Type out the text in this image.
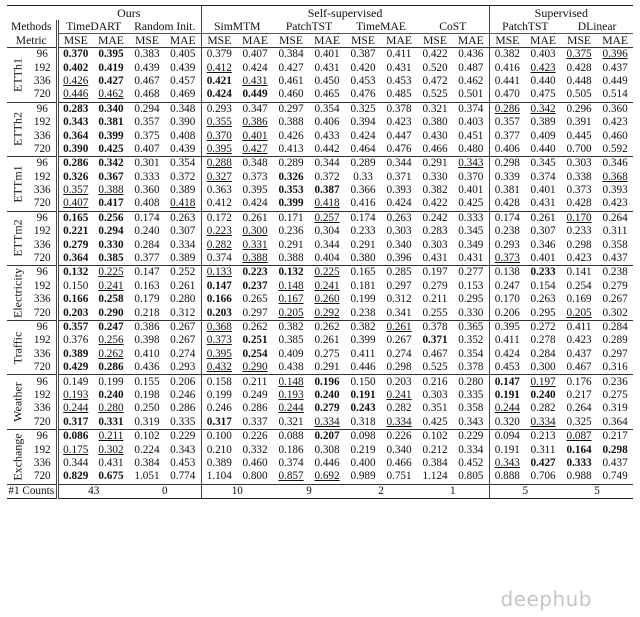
		Ours				Self-supervised								Supervised			
Methods		TimeDART		Random Init.		SimMTM		PatchTST		TimeMAE		CoST		PatchTST		DLinear	
Metric		MSE	MAE	MSE	MAE	MSE	MAE	MSE	MAE	MSE	MAE	MSE	MAE	MSE	MAE	MSE	MAE

ETTh1	96	0.370	0.395	0.383	0.405	0.379	0.407	0.384	0.401	0.387	0.411	0.422	0.436	0.382	0.403	0.375	0.396
	192	0.402	0.419	0.439	0.439	0.412	0.424	0.427	0.431	0.420	0.431	0.520	0.487	0.416	0.423	0.428	0.437
	336	0.426	0.427	0.467	0.457	0.421	0.431	0.461	0.450	0.453	0.453	0.472	0.462	0.441	0.440	0.448	0.449
	720	0.446	0.462	0.468	0.469	0.424	0.449	0.460	0.465	0.476	0.485	0.525	0.501	0.470	0.475	0.505	0.514

ETTh2	96	0.283	0.340	0.294	0.348	0.293	0.347	0.297	0.354	0.325	0.378	0.321	0.374	0.286	0.342	0.296	0.360
	192	0.343	0.381	0.357	0.390	0.355	0.386	0.388	0.406	0.394	0.423	0.380	0.403	0.357	0.389	0.391	0.423
	336	0.364	0.399	0.375	0.408	0.370	0.401	0.426	0.433	0.424	0.447	0.430	0.451	0.377	0.409	0.445	0.460
	720	0.390	0.425	0.407	0.439	0.395	0.427	0.413	0.442	0.464	0.476	0.466	0.480	0.406	0.440	0.700	0.592

ETTm1	96	0.286	0.342	0.301	0.354	0.288	0.348	0.289	0.344	0.289	0.344	0.291	0.343	0.298	0.345	0.303	0.346
	192	0.326	0.367	0.333	0.372	0.327	0.373	0.326	0.372	0.33	0.371	0.330	0.370	0.339	0.374	0.338	0.368
	336	0.357	0.388	0.360	0.389	0.363	0.395	0.353	0.387	0.366	0.393	0.382	0.401	0.381	0.401	0.373	0.393
	720	0.407	0.417	0.408	0.418	0.412	0.424	0.399	0.418	0.416	0.424	0.422	0.425	0.428	0.431	0.428	0.423

ETTm2	96	0.165	0.256	0.174	0.263	0.172	0.261	0.171	0.257	0.174	0.263	0.242	0.333	0.174	0.261	0.170	0.264
	192	0.221	0.294	0.240	0.307	0.223	0.300	0.236	0.304	0.233	0.303	0.283	0.345	0.238	0.307	0.233	0.311
	336	0.279	0.330	0.284	0.334	0.282	0.331	0.291	0.344	0.291	0.340	0.303	0.349	0.293	0.346	0.298	0.358
	720	0.364	0.385	0.377	0.389	0.374	0.388	0.388	0.404	0.380	0.396	0.431	0.431	0.373	0.401	0.423	0.437

Electricity	96	0.132	0.225	0.147	0.252	0.133	0.223	0.132	0.225	0.165	0.285	0.197	0.277	0.138	0.233	0.141	0.238
	192	0.150	0.241	0.163	0.261	0.147	0.237	0.148	0.241	0.181	0.297	0.279	0.153	0.247	0.154	0.254	0.279
	336	0.166	0.258	0.179	0.280	0.166	0.265	0.167	0.260	0.199	0.312	0.211	0.295	0.170	0.263	0.169	0.267
	720	0.203	0.290	0.218	0.312	0.203	0.297	0.205	0.292	0.238	0.341	0.255	0.330	0.206	0.295	0.205	0.302

Traffic	96	0.357	0.247	0.386	0.267	0.368	0.262	0.382	0.262	0.382	0.261	0.378	0.365	0.395	0.272	0.411	0.284
	192	0.376	0.256	0.398	0.267	0.373	0.251	0.385	0.261	0.399	0.267	0.371	0.352	0.411	0.278	0.423	0.289
	336	0.389	0.262	0.410	0.274	0.395	0.254	0.409	0.275	0.411	0.274	0.467	0.354	0.424	0.284	0.437	0.297
	720	0.429	0.286	0.436	0.293	0.432	0.290	0.438	0.291	0.446	0.298	0.525	0.378	0.453	0.300	0.467	0.316

Weather	96	0.149	0.199	0.155	0.206	0.158	0.211	0.148	0.196	0.150	0.203	0.216	0.280	0.147	0.197	0.176	0.236
	192	0.193	0.240	0.198	0.246	0.199	0.249	0.193	0.240	0.191	0.241	0.303	0.335	0.191	0.240	0.217	0.275
	336	0.244	0.280	0.250	0.286	0.246	0.286	0.244	0.279	0.243	0.282	0.351	0.358	0.244	0.282	0.264	0.319
	720	0.317	0.331	0.319	0.335	0.317	0.337	0.321	0.334	0.318	0.334	0.425	0.343	0.320	0.334	0.325	0.364

Exchange	96	0.086	0.211	0.102	0.229	0.100	0.226	0.088	0.207	0.098	0.226	0.102	0.229	0.094	0.213	0.087	0.217
	192	0.175	0.302	0.224	0.343	0.210	0.332	0.186	0.308	0.219	0.340	0.212	0.334	0.191	0.311	0.164	0.298
	336	0.344	0.431	0.384	0.453	0.389	0.460	0.374	0.446	0.400	0.466	0.384	0.452	0.343	0.427	0.333	0.437
	720	0.829	0.675	1.051	0.774	1.104	0.800	0.857	0.692	0.989	0.751	1.124	0.805	0.888	0.706	0.988	0.749
#1 Counts		43		0		10		9		2		1		5		5	
deephub
